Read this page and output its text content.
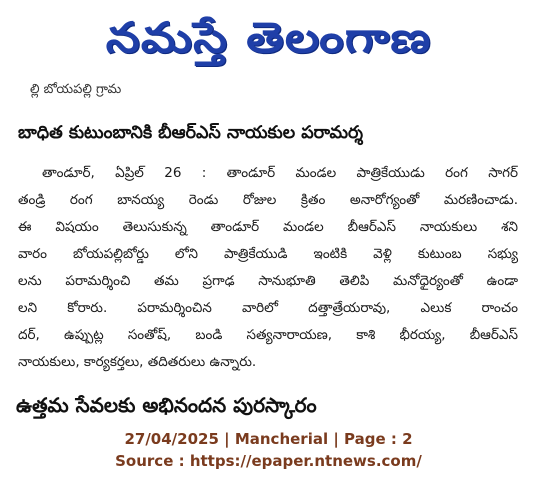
నమస్తే తెలంగాణ
ల్లి బోయపల్లి గ్రామ
బాధిత కుటుంబానికి బీఆర్ఎస్ నాయకుల పరామర్శ
తాండూర్, ఏప్రిల్ 26 : తాండూర్ మండల పాత్రికేయుడు రంగ సాగర్
తండ్రి రంగ బానయ్య రెండు రోజుల క్రితం అనారోగ్యంతో మరణించాడు.
ఈ విషయం తెలుసుకున్న తాండూర్ మండల బీఆర్ఎస్ నాయకులు శని
వారం బోయపల్లిబోర్డు లోని పాత్రికేయుడి ఇంటికి వెళ్లి కుటుంబ సభ్యు
లను పరామర్శించి తమ ప్రగాఢ సానుభూతి తెలిపి మనోధైర్యంతో ఉండా
లని కోరారు. పరామర్శించిన వారిలో దత్తాత్రేయరావు, ఎలుక రాంచం
దర్, ఉప్పుట్ల సంతోష్, బండి సత్యనారాయణ, కాశి భీరయ్య, బీఆర్ఎస్
నాయకులు, కార్యకర్తలు, తదితరులు ఉన్నారు.
ఉత్తమ సేవలకు అభినందన పురస్కారం
27/04/2025 | Mancherial | Page : 2
Source : https://epaper.ntnews.com/
